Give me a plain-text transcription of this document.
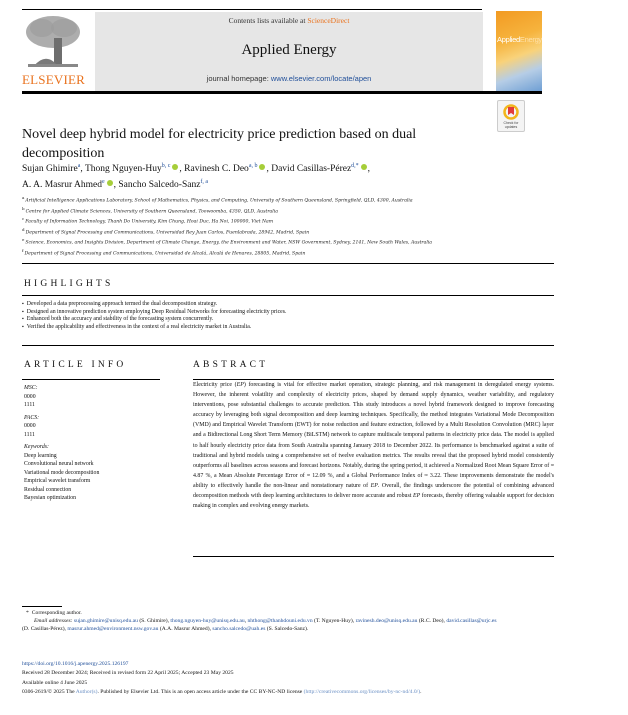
ELSEVIER
Contents lists available at ScienceDirect
Applied Energy
journal homepage: www.elsevier.com/locate/apen
AppliedEnergy
Check for updates
Novel deep hybrid model for electricity price prediction based on dual decomposition
Sujan Ghimire$^a$, Thong Nguyen-Huy$^{b, c}$ , Ravinesh C. Deo$^{a, b}$ , David Casillas-Pérez$^{d,*}$ ,
A. A. Masrur Ahmed$^e$ , Sancho Salcedo-Sanz$^{f, a}$
$^a$Artificial Intelligence Applications Laboratory, School of Mathematics, Physics, and Computing, University of Southern Queensland, Springfield, QLD, 4300, Australia
$^b$Centre for Applied Climate Sciences, University of Southern Queensland, Toowoomba, 4350, QLD, Australia
$^c$Faculty of Information Technology, Thanh Do University, Kim Chung, Hoai Duc, Ha Noi, 100000, Viet Nam
$^d$Department of Signal Processing and Communications, Universidad Rey Juan Carlos, Fuenlabrada, 28942, Madrid, Spain
$^e$Science, Economics, and Insights Division, Department of Climate Change, Energy, the Environment and Water, NSW Government, Sydney, 2141, New South Wales, Australia
$^f$Department of Signal Processing and Communications, Universidad de Alcalá, Alcalá de Henares, 28805, Madrid, Spain
HIGHLIGHTS
▪ Developed a data preprocessing approach termed the dual decomposition strategy.
▪ Designed an innovative prediction system employing Deep Residual Networks for forecasting electricity prices.
▪ Enhanced both the accuracy and stability of the forecasting system concurrently.
▪ Verified the applicability and effectiveness in the context of a real electricity market in Australia.
ARTICLE INFO
MSC:
0000
1111
PACS:
0000
1111
Keywords:
Deep learning
Convolutional neural network
Variational mode decomposition
Empirical wavelet transform
Residual connection
Bayesian optimization
ABSTRACT
Electricity price (EP) forecasting is vital for effective market operation, strategic planning, and risk management in deregulated energy systems. However, the inherent volatility and complexity of electricity prices, shaped by demand supply dynamics, weather variability, and regulatory interventions, pose substantial challenges to accurate prediction. This study introduces a novel hybrid framework designed to improve forecasting accuracy by leveraging both signal decomposition and deep learning techniques. Specifically, the method integrates Variational Mode Decomposition (VMD) and Empirical Wavelet Transform (EWT) for noise reduction and feature extraction, followed by a Multi Resolution Convolution (MRC) layer and a Bidirectional Long Short Term Memory (BiLSTM) network to capture multiscale temporal patterns in electricity price data. The model is applied to half hourly electricity price data from South Australia spanning January 2018 to December 2022. Its performance is benchmarked against a suite of traditional and hybrid models using a comprehensive set of twelve evaluation metrics. The results reveal that the proposed hybrid model consistently outperforms all baselines across seasons and forecast horizons. Notably, during the spring period, it achieved a Normalized Root Mean Square Error of ≈ 4.87 %, a Mean Absolute Percentage Error of ≈ 12.09 %, and a Global Performance Index of ≈ 3.22. These improvements demonstrate the model's ability to effectively handle the non-linear and nonstationary nature of EP. Overall, the findings underscore the potential of combining advanced decomposition methods with deep learning architectures to deliver more accurate and robust EP forecasts, thereby offering valuable support for decision making in complex and evolving energy markets.
* Corresponding author.
Email addresses: sujan.ghimire@unisq.edu.au (S. Ghimire), thong.nguyen-huy@unisq.edu.au, nhthong@thanhdouni.edu.vn (T. Nguyen-Huy), ravinesh.deo@unisq.edu.au (R.C. Deo), david.casillas@urjc.es (D. Casillas-Pérez), masrur.ahmed@environment.nsw.gov.au (A.A. Masrur Ahmed), sancho.salcedo@uah.es (S. Salcedo-Sanz).
https://doi.org/10.1016/j.apenergy.2025.126197
Received 28 December 2024; Received in revised form 22 April 2025; Accepted 23 May 2025
Available online 4 June 2025
0306-2619/© 2025 The Author(s). Published by Elsevier Ltd. This is an open access article under the CC BY-NC-ND license (http://creativecommons.org/licenses/by-nc-nd/4.0/).
